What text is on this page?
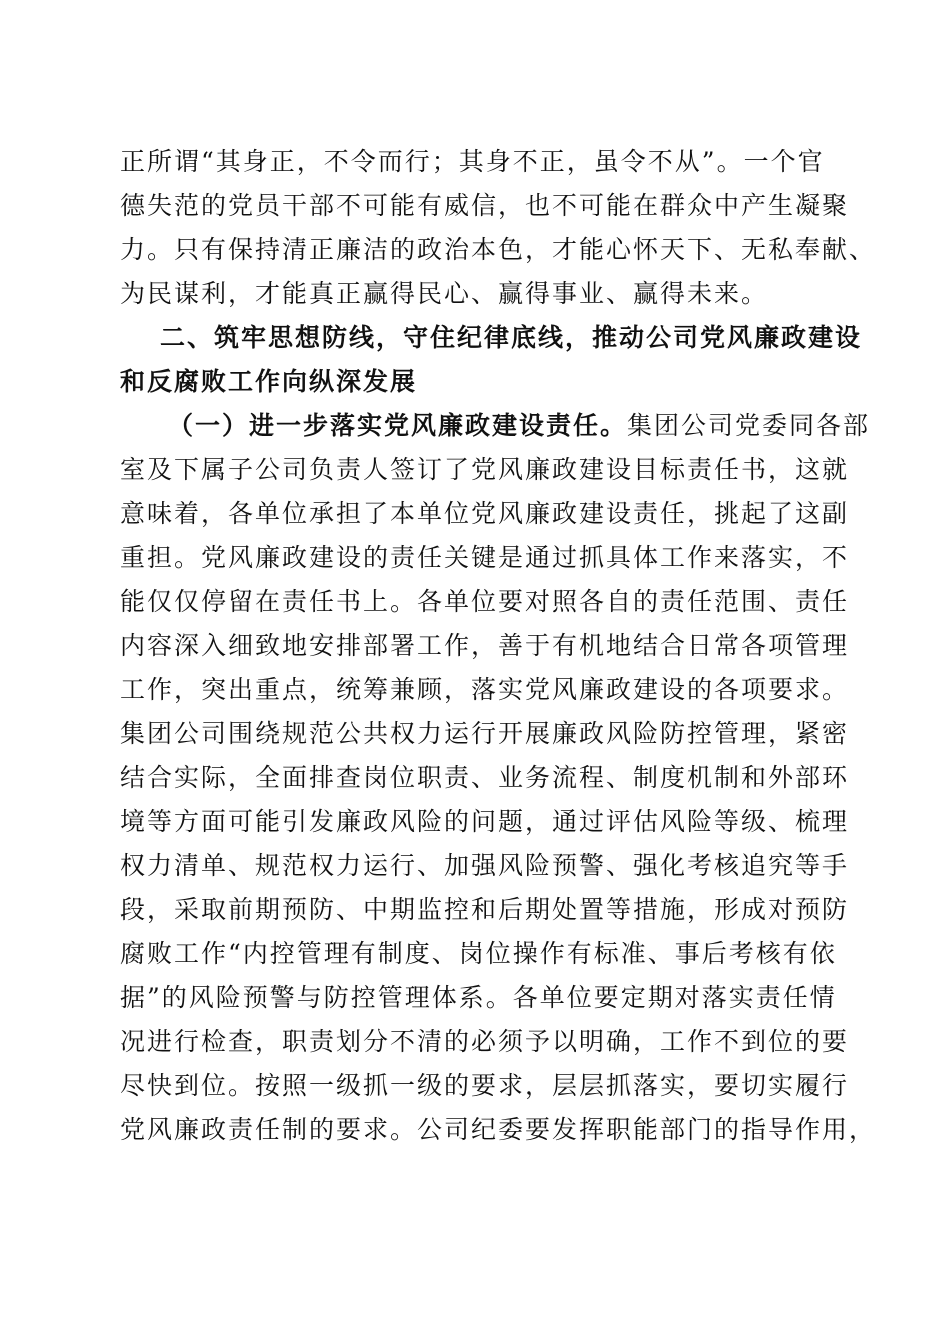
正所谓“其身正，不令而行；其身不正，虽令不从”。一个官
德失范的党员干部不可能有威信，也不可能在群众中产生凝聚
力。只有保持清正廉洁的政治本色，才能心怀天下、无私奉献、
为民谋利，才能真正赢得民心、赢得事业、赢得未来。
二、筑牢思想防线，守住纪律底线，推动公司党风廉政建设
和反腐败工作向纵深发展
（一）进一步落实党风廉政建设责任。集团公司党委同各部
室及下属子公司负责人签订了党风廉政建设目标责任书，这就
意味着，各单位承担了本单位党风廉政建设责任，挑起了这副
重担。党风廉政建设的责任关键是通过抓具体工作来落实，不
能仅仅停留在责任书上。各单位要对照各自的责任范围、责任
内容深入细致地安排部署工作，善于有机地结合日常各项管理
工作，突出重点，统筹兼顾，落实党风廉政建设的各项要求。
集团公司围绕规范公共权力运行开展廉政风险防控管理，紧密
结合实际，全面排查岗位职责、业务流程、制度机制和外部环
境等方面可能引发廉政风险的问题，通过评估风险等级、梳理
权力清单、规范权力运行、加强风险预警、强化考核追究等手
段，采取前期预防、中期监控和后期处置等措施，形成对预防
腐败工作“内控管理有制度、岗位操作有标准、事后考核有依
据”的风险预警与防控管理体系。各单位要定期对落实责任情
况进行检查，职责划分不清的必须予以明确，工作不到位的要
尽快到位。按照一级抓一级的要求，层层抓落实，要切实履行
党风廉政责任制的要求。公司纪委要发挥职能部门的指导作用，
